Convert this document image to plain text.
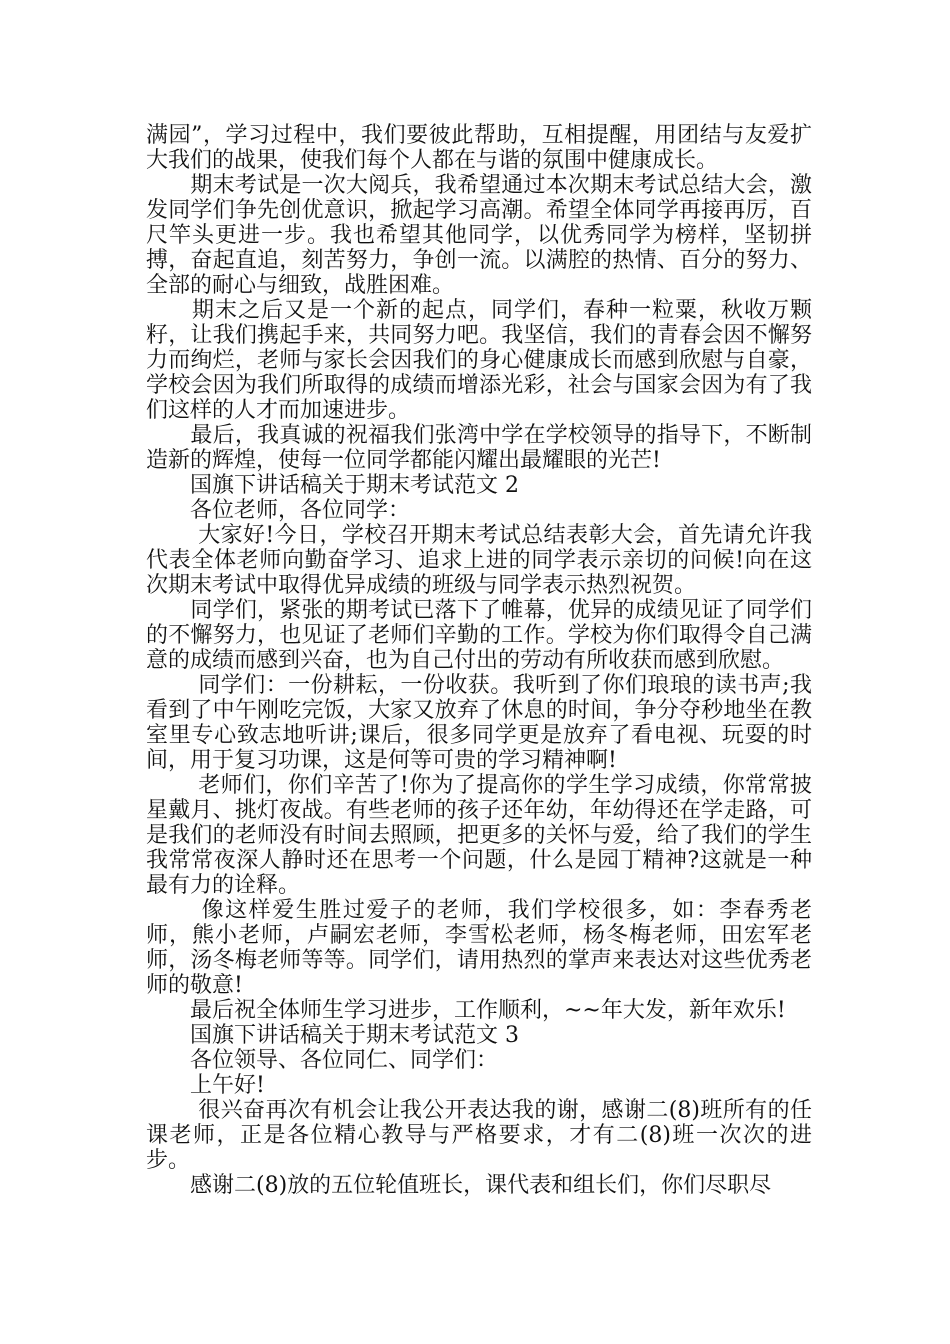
满园”，学习过程中，我们要彼此帮助，互相提醒，用团结与友爱扩大我们的战果，使我们每个人都在与谐的氛围中健康成长。

　　期末考试是一次大阅兵，我希望通过本次期末考试总结大会，激发同学们争先创优意识，掀起学习高潮。希望全体同学再接再厉，百尺竿头更进一步。我也希望其他同学，以优秀同学为榜样，坚韧拼搏，奋起直追，刻苦努力，争创一流。以满腔的热情、百分的努力、全部的耐心与细致，战胜困难。

　　期末之后又是一个新的起点，同学们，春种一粒粟，秋收万颗籽，让我们携起手来，共同努力吧。我坚信，我们的青春会因不懈努力而绚烂，老师与家长会因我们的身心健康成长而感到欣慰与自豪，学校会因为我们所取得的成绩而增添光彩，社会与国家会因为有了我们这样的人才而加速进步。

　　最后，我真诚的祝福我们张湾中学在学校领导的指导下，不断制造新的辉煌，使每一位同学都能闪耀出最耀眼的光芒!

　　国旗下讲话稿关于期末考试范文 2

　　各位老师，各位同学：

　　 大家好!今日，学校召开期末考试总结表彰大会，首先请允许我代表全体老师向勤奋学习、追求上进的同学表示亲切的问候!向在这次期末考试中取得优异成绩的班级与同学表示热烈祝贺。

　　同学们，紧张的期考试已落下了帷幕，优异的成绩见证了同学们的不懈努力，也见证了老师们辛勤的工作。学校为你们取得令自己满意的成绩而感到兴奋，也为自己付出的劳动有所收获而感到欣慰。

　　 同学们：一份耕耘，一份收获。我听到了你们琅琅的读书声;我看到了中午刚吃完饭，大家又放弃了休息的时间，争分夺秒地坐在教室里专心致志地听讲;课后，很多同学更是放弃了看电视、玩耍的时间，用于复习功课，这是何等可贵的学习精神啊!

　　 老师们，你们辛苦了!你为了提高你的学生学习成绩，你常常披星戴月、挑灯夜战。有些老师的孩子还年幼，年幼得还在学走路，可是我们的老师没有时间去照顾，把更多的关怀与爱，给了我们的学生我常常夜深人静时还在思考一个问题，什么是园丁精神?这就是一种最有力的诠释。

　　 像这样爱生胜过爱子的老师，我们学校很多，如：李春秀老师，熊小老师，卢嗣宏老师，李雪松老师，杨冬梅老师，田宏军老师，汤冬梅老师等等。同学们，请用热烈的掌声来表达对这些优秀老师的敬意!

　　最后祝全体师生学习进步，工作顺利，~~年大发，新年欢乐!

　　国旗下讲话稿关于期末考试范文 3

　　各位领导、各位同仁、同学们：

　　上午好!

　　 很兴奋再次有机会让我公开表达我的谢，感谢二(8)班所有的任课老师，正是各位精心教导与严格要求，才有二(8)班一次次的进步。

　　感谢二(8)放的五位轮值班长，课代表和组长们，你们尽职尽
